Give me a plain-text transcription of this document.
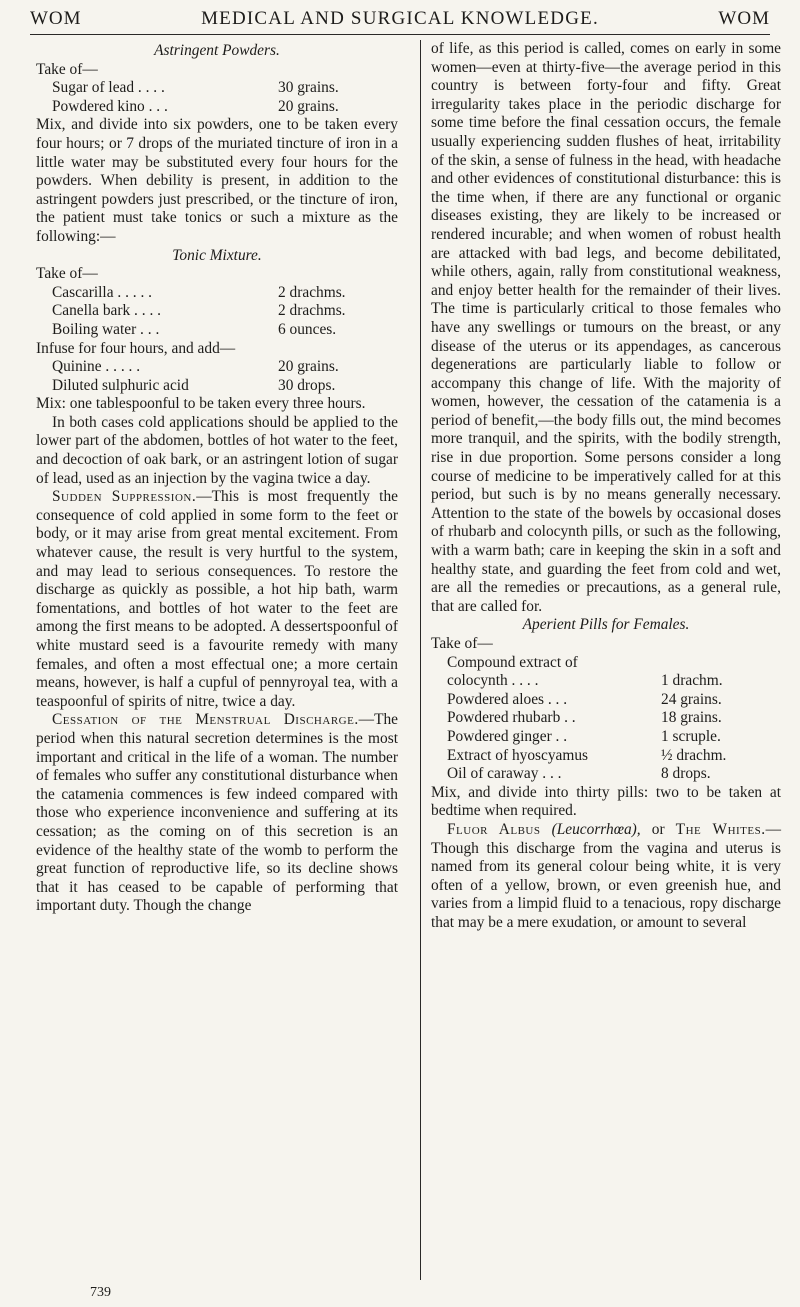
WOM	MEDICAL AND SURGICAL KNOWLEDGE.	WOM

Astringent Powders.

Take of—

Sugar of lead . . . .	30 grains.

Powdered kino . . .	20 grains.

Mix, and divide into six powders, one to be taken every four hours; or 7 drops of the muriated tincture of iron in a little water may be substituted every four hours for the powders. When debility is present, in addition to the astringent powders just prescribed, or the tincture of iron, the patient must take tonics or such a mixture as the following:—

Tonic Mixture.

Take of—

Cascarilla . . . . .	2 drachms.

Canella bark . . . .	2 drachms.

Boiling water . . .	6 ounces.

Infuse for four hours, and add—

Quinine . . . . .	20 grains.

Diluted sulphuric acid	30 drops.

Mix: one tablespoonful to be taken every three hours.

In both cases cold applications should be applied to the lower part of the abdomen, bottles of hot water to the feet, and decoction of oak bark, or an astringent lotion of sugar of lead, used as an injection by the vagina twice a day.

Sudden Suppression.—This is most frequently the consequence of cold applied in some form to the feet or body, or it may arise from great mental excitement. From whatever cause, the result is very hurtful to the system, and may lead to serious consequences. To restore the discharge as quickly as possible, a hot hip bath, warm fomentations, and bottles of hot water to the feet are among the first means to be adopted. A dessertspoonful of white mustard seed is a favourite remedy with many females, and often a most effectual one; a more certain means, however, is half a cupful of pennyroyal tea, with a teaspoonful of spirits of nitre, twice a day.

Cessation of the Menstrual Discharge.—The period when this natural secretion determines is the most important and critical in the life of a woman. The number of females who suffer any constitutional disturbance when the catamenia commences is few indeed compared with those who experience inconvenience and suffering at its cessation; as the coming on of this secretion is an evidence of the healthy state of the womb to perform the great function of reproductive life, so its decline shows that it has ceased to be capable of performing that important duty. Though the change

of life, as this period is called, comes on early in some women—even at thirty-five—the average period in this country is between forty-four and fifty. Great irregularity takes place in the periodic discharge for some time before the final cessation occurs, the female usually experiencing sudden flushes of heat, irritability of the skin, a sense of fulness in the head, with headache and other evidences of constitutional disturbance: this is the time when, if there are any functional or organic diseases existing, they are likely to be increased or rendered incurable; and when women of robust health are attacked with bad legs, and become debilitated, while others, again, rally from constitutional weakness, and enjoy better health for the remainder of their lives. The time is particularly critical to those females who have any swellings or tumours on the breast, or any disease of the uterus or its appendages, as cancerous degenerations are particularly liable to follow or accompany this change of life. With the majority of women, however, the cessation of the catamenia is a period of benefit,—the body fills out, the mind becomes more tranquil, and the spirits, with the bodily strength, rise in due proportion. Some persons consider a long course of medicine to be imperatively called for at this period, but such is by no means generally necessary. Attention to the state of the bowels by occasional doses of rhubarb and colocynth pills, or such as the following, with a warm bath; care in keeping the skin in a soft and healthy state, and guarding the feet from cold and wet, are all the remedies or precautions, as a general rule, that are called for.

Aperient Pills for Females.

Take of—

Compound extract of

colocynth . . . .	1 drachm.

Powdered aloes . . .	24 grains.

Powdered rhubarb . .	18 grains.

Powdered ginger . .	1 scruple.

Extract of hyoscyamus	½ drachm.

Oil of caraway . . .	8 drops.

Mix, and divide into thirty pills: two to be taken at bedtime when required.

Fluor Albus (Leucorrhœa), or The Whites.—Though this discharge from the vagina and uterus is named from its general colour being white, it is very often of a yellow, brown, or even greenish hue, and varies from a limpid fluid to a tenacious, ropy discharge that may be a mere exudation, or amount to several

739
